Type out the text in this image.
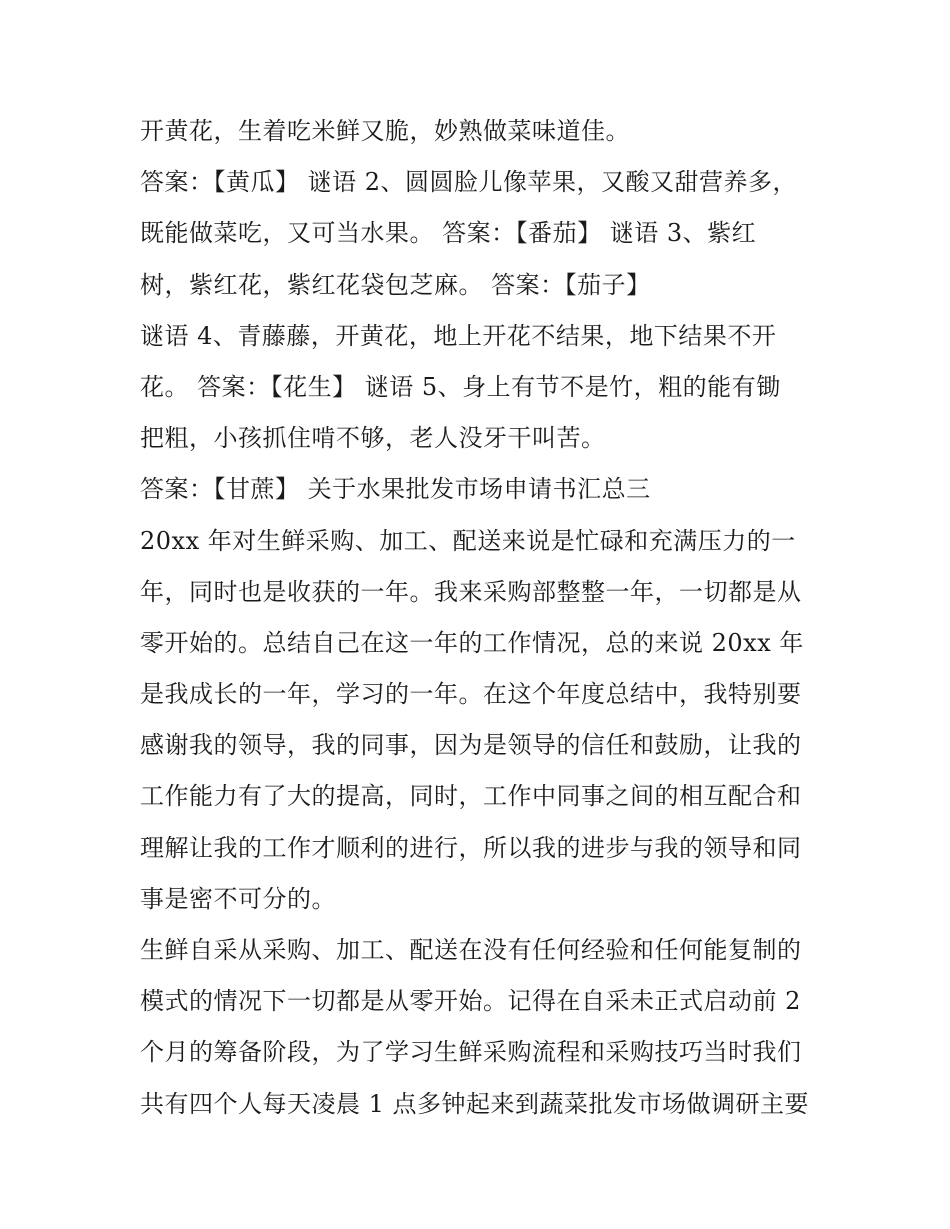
开黄花，生着吃米鲜又脆，妙熟做菜味道佳。
答案：【黄瓜】 谜语 2、圆圆脸儿像苹果，又酸又甜营养多，
既能做菜吃，又可当水果。 答案：【番茄】 谜语 3、紫红
树，紫红花，紫红花袋包芝麻。 答案：【茄子】
谜语 4、青藤藤，开黄花，地上开花不结果，地下结果不开
花。 答案：【花生】 谜语 5、身上有节不是竹，粗的能有锄
把粗，小孩抓住啃不够，老人没牙干叫苦。
答案：【甘蔗】 关于水果批发市场申请书汇总三
20xx 年对生鲜采购、加工、配送来说是忙碌和充满压力的一
年，同时也是收获的一年。我来采购部整整一年，一切都是从
零开始的。总结自己在这一年的工作情况，总的来说 20xx 年
是我成长的一年，学习的一年。在这个年度总结中，我特别要
感谢我的领导，我的同事，因为是领导的信任和鼓励，让我的
工作能力有了大的提高，同时，工作中同事之间的相互配合和
理解让我的工作才顺利的进行，所以我的进步与我的领导和同
事是密不可分的。
生鲜自采从采购、加工、配送在没有任何经验和任何能复制的
模式的情况下一切都是从零开始。记得在自采未正式启动前 2
个月的筹备阶段，为了学习生鲜采购流程和采购技巧当时我们
共有四个人每天凌晨 1 点多钟起来到蔬菜批发市场做调研主要
